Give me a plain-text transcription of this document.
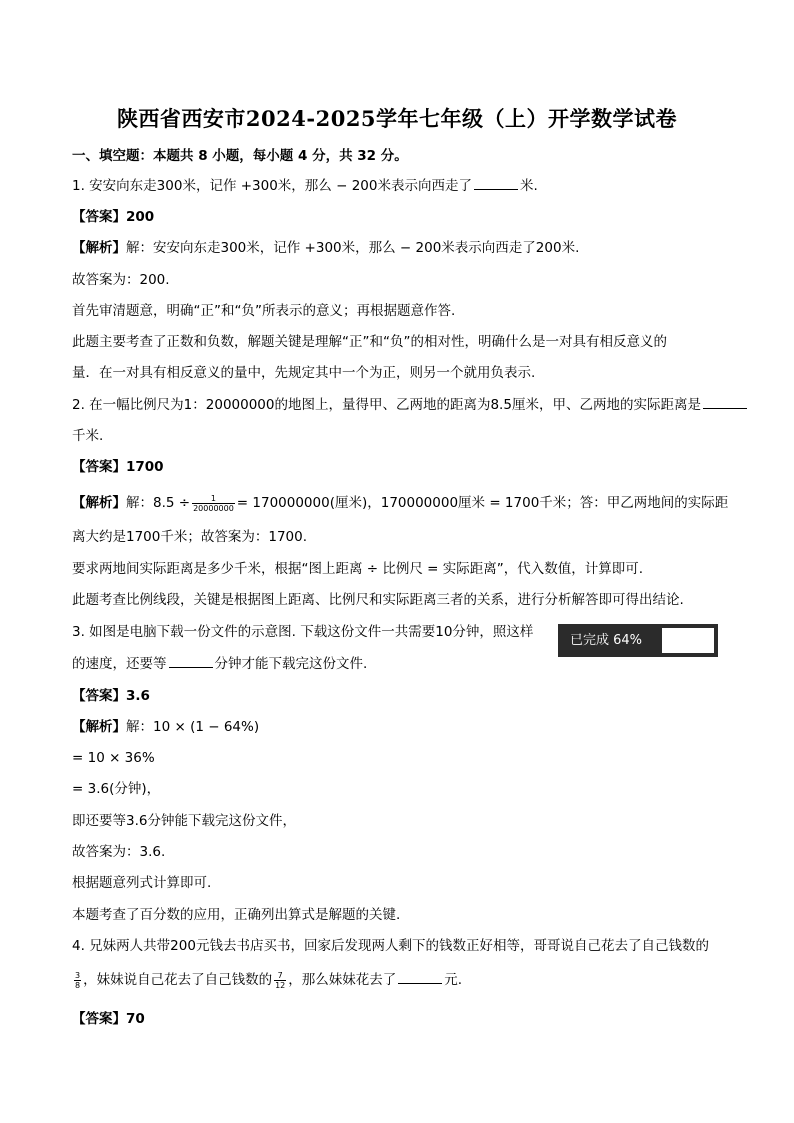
陕西省西安市2024-2025学年七年级（上）开学数学试卷
一、填空题：本题共 8 小题，每小题 4 分，共 32 分。
1. 安安向东走300米，记作 +300米，那么 − 200米表示向西走了	米.
【答案】200
【解析】解：安安向东走300米，记作 +300米，那么 − 200米表示向西走了200米.
故答案为：200.
首先审清题意，明确“正”和“负”所表示的意义；再根据题意作答.
此题主要考查了正数和负数，解题关键是理解“正”和“负”的相对性，明确什么是一对具有相反意义的
量．在一对具有相反意义的量中，先规定其中一个为正，则另一个就用负表示.
2. 在一幅比例尺为1：20000000的地图上，量得甲、乙两地的距离为8.5厘米，甲、乙两地的实际距离是
千米.
【答案】1700
【解析】解：$8.5 \div \frac{1}{20000000} = 170000000$(厘米)，170000000厘米 = 1700千米；答：甲乙两地间的实际距
离大约是1700千米；故答案为：1700.
要求两地间实际距离是多少千米，根据“图上距离 ÷ 比例尺 = 实际距离”，代入数值，计算即可.
此题考查比例线段，关键是根据图上距离、比例尺和实际距离三者的关系，进行分析解答即可得出结论.
3. 如图是电脑下载一份文件的示意图. 下载这份文件一共需要10分钟，照这样
已完成 64%
的速度，还要等	分钟才能下载完这份文件.
【答案】3.6
【解析】解：10 × (1 − 64%)
= 10 × 36%
= 3.6(分钟)，
即还要等3.6分钟能下载完这份文件，
故答案为：3.6.
根据题意列式计算即可.
本题考查了百分数的应用，正确列出算式是解题的关键.
4. 兄妹两人共带200元钱去书店买书，回家后发现两人剩下的钱数正好相等，哥哥说自己花去了自己钱数的
$\frac{3}{8}$ ，妹妹说自己花去了自己钱数的 $\frac{7}{12}$ ，那么妹妹花去了	元.
【答案】70
